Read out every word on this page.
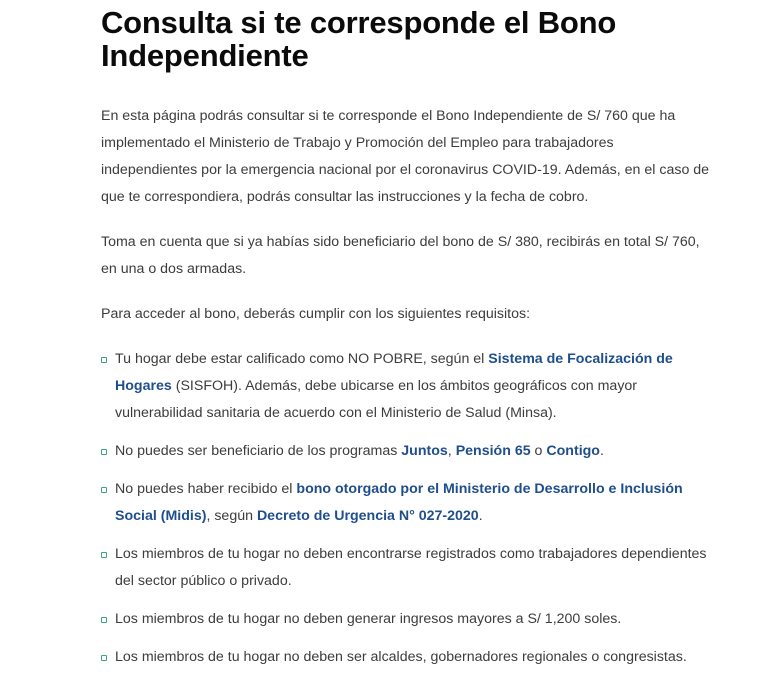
Consulta si te corresponde el Bono Independiente

En esta página podrás consultar si te corresponde el Bono Independiente de S/ 760 que ha implementado el Ministerio de Trabajo y Promoción del Empleo para trabajadores independientes por la emergencia nacional por el coronavirus COVID-19. Además, en el caso de que te correspondiera, podrás consultar las instrucciones y la fecha de cobro.

Toma en cuenta que si ya habías sido beneficiario del bono de S/ 380, recibirás en total S/ 760, en una o dos armadas.

Para acceder al bono, deberás cumplir con los siguientes requisitos:

Tu hogar debe estar calificado como NO POBRE, según el Sistema de Focalización de Hogares (SISFOH). Además, debe ubicarse en los ámbitos geográficos con mayor vulnerabilidad sanitaria de acuerdo con el Ministerio de Salud (Minsa).
No puedes ser beneficiario de los programas Juntos, Pensión 65 o Contigo.
No puedes haber recibido el bono otorgado por el Ministerio de Desarrollo e Inclusión Social (Midis), según Decreto de Urgencia N° 027-2020.
Los miembros de tu hogar no deben encontrarse registrados como trabajadores dependientes del sector público o privado.
Los miembros de tu hogar no deben generar ingresos mayores a S/ 1,200 soles.
Los miembros de tu hogar no deben ser alcaldes, gobernadores regionales o congresistas.
